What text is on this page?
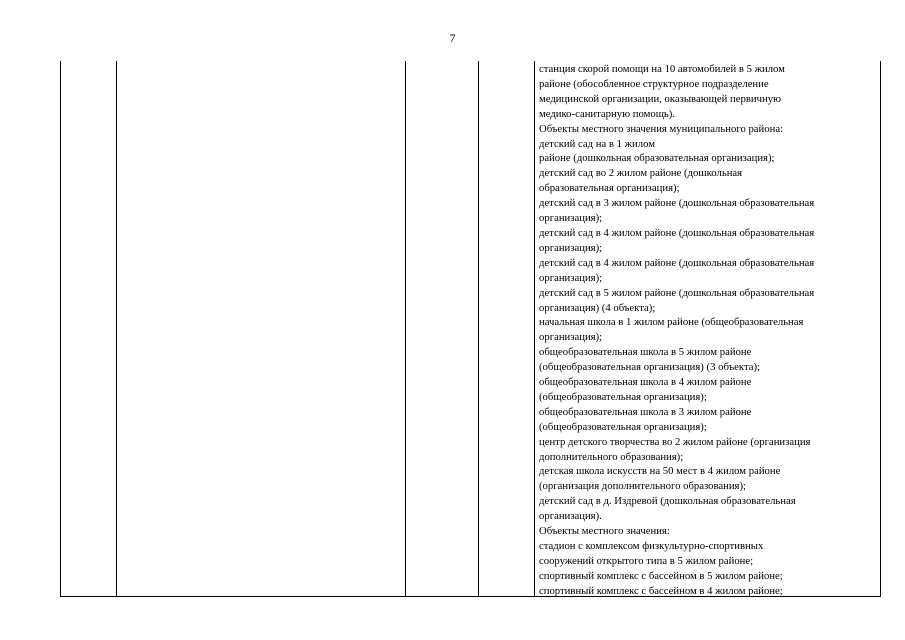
7
станция скорой помощи на 10 автомобилей в 5 жилом
районе (обособленное структурное подразделение
медицинской организации, оказывающей первичную
медико-санитарную помощь).
Объекты местного значения муниципального района:
детский сад на в 1 жилом
районе (дошкольная образовательная организация);
детский сад во 2 жилом районе (дошкольная
образовательная организация);
детский сад в 3 жилом районе (дошкольная образовательная
организация);
детский сад в 4 жилом районе (дошкольная образовательная
организация);
детский сад в 4 жилом районе (дошкольная образовательная
организация);
детский сад в 5 жилом районе (дошкольная образовательная
организация) (4 объекта);
начальная школа в 1 жилом районе (общеобразовательная
организация);
общеобразовательная школа в 5 жилом районе
(общеобразовательная организация) (3 объекта);
общеобразовательная школа в 4 жилом районе
(общеобразовательная организация);
общеобразовательная школа в 3 жилом районе
(общеобразовательная организация);
центр детского творчества во 2 жилом районе (организация
дополнительного образования);
детская школа искусств на 50 мест в 4 жилом районе
(организация дополнительного образования);
детский сад в д. Издревой (дошкольная образовательная
организация).
Объекты местного значения:
стадион с комплексом физкультурно-спортивных
сооружений открытого типа в 5 жилом районе;
спортивный комплекс с бассейном в 5 жилом районе;
спортивный комплекс с бассейном в 4 жилом районе;
